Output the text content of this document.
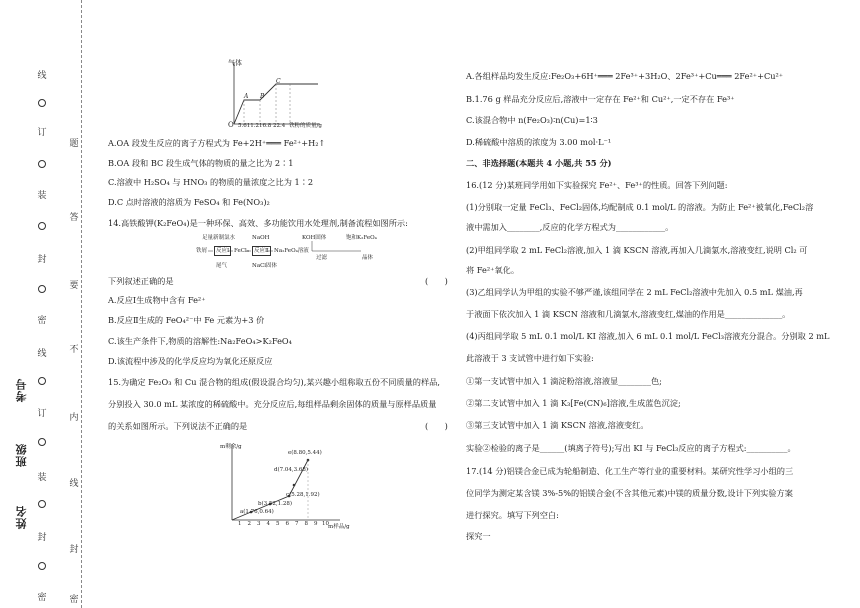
线
订
装
封
密
线
订
装
封
密
题
答
要
不
内
线
封
密
考号
班级
姓名
气体
O 5.611.216.8 22.4 铁粉的质量/g
A B
C
A.OA 段发生反应的离子方程式为 Fe+2H⁺═══ Fe²⁺+H₂↑
B.OA 段和 BC 段生成气体的物质的量之比为 2∶1
C.溶液中 H₂SO₄ 与 HNO₃ 的物质的量浓度之比为 1∶2
D.C 点时溶液的溶质为 FeSO₄ 和 Fe(NO₃)₂
14.高铁酸钾(K₂FeO₄)是一种环保、高效、多功能饮用水处理剂,制备流程如图所示:
足量新制氯水	NaOH	KOH固体	饱和K₂FeO₄
铁屑	反应Ⅰ FeCl₃ 反应Ⅱ Na₂FeO₄溶液
过滤	晶体
尾气	NaCl固体
下列叙述正确的是	(　　)
A.反应Ⅰ生成物中含有 Fe²⁺
B.反应Ⅱ生成的 FeO₄²⁻中 Fe 元素为+3 价
C.该生产条件下,物质的溶解性:Na₂FeO₄>K₂FeO₄
D.该流程中涉及的化学反应均为氧化还原反应
15.为确定 Fe₂O₃ 和 Cu 混合物的组成(假设混合均匀),某兴趣小组称取五份不同质量的样品,
分别投入 30.0 mL 某浓度的稀硫酸中。充分反应后,每组样品剩余固体的质量与原样品质量
的关系如图所示。下列说法不正确的是	(　　)
m剩余/g
m样品/g
e(8.80,5.44)
d(7.04,3.68)
c(5.28,1.92)
b(3.52,1.28)
a(1.76,0.64)
1 2 3 4 5 6 7 8 9 10
A.各组样品均发生反应:Fe₂O₃+6H⁺═══ 2Fe³⁺+3H₂O、2Fe³⁺+Cu═══ 2Fe²⁺+Cu²⁺
B.1.76 g 样品充分反应后,溶液中一定存在 Fe²⁺和 Cu²⁺,一定不存在 Fe³⁺
C.该混合物中 n(Fe₂O₃)∶n(Cu)=1∶3
D.稀硫酸中溶质的浓度为 3.00 mol·L⁻¹
二、非选择题(本题共 4 小题,共 55 分)
16.(12 分)某班同学用如下实验探究 Fe²⁺、Fe³⁺的性质。回答下列问题:
(1)分别取一定量 FeCl₃、FeCl₂固体,均配制成 0.1 mol/L 的溶液。为防止 Fe²⁺被氧化,FeCl₂溶
液中需加入________,反应的化学方程式为____________。
(2)甲组同学取 2 mL FeCl₂溶液,加入 1 滴 KSCN 溶液,再加入几滴氯水,溶液变红,说明 Cl₂ 可
将 Fe²⁺氧化。
(3)乙组同学认为甲组的实验不够严谨,该组同学在 2 mL FeCl₂溶液中先加入 0.5 mL 煤油,再
于液面下依次加入 1 滴 KSCN 溶液和几滴氯水,溶液变红,煤油的作用是______________。
(4)丙组同学取 5 mL 0.1 mol/L KI 溶液,加入 6 mL 0.1 mol/L FeCl₃溶液充分混合。分别取 2 mL
此溶液于 3 支试管中进行如下实验:
①第一支试管中加入 1 滴淀粉溶液,溶液显________色;
②第二支试管中加入 1 滴 K₃[Fe(CN)₆]溶液,生成蓝色沉淀;
③第三支试管中加入 1 滴 KSCN 溶液,溶液变红。
实验②检验的离子是______(填离子符号);写出 KI 与 FeCl₃反应的离子方程式:__________。
17.(14 分)铝镁合金已成为轮船制造、化工生产等行业的重要材料。某研究性学习小组的三
位同学为测定某含镁 3%-5%的铝镁合金(不含其他元素)中镁的质量分数,设计下列实验方案
进行探究。填写下列空白:
探究一
